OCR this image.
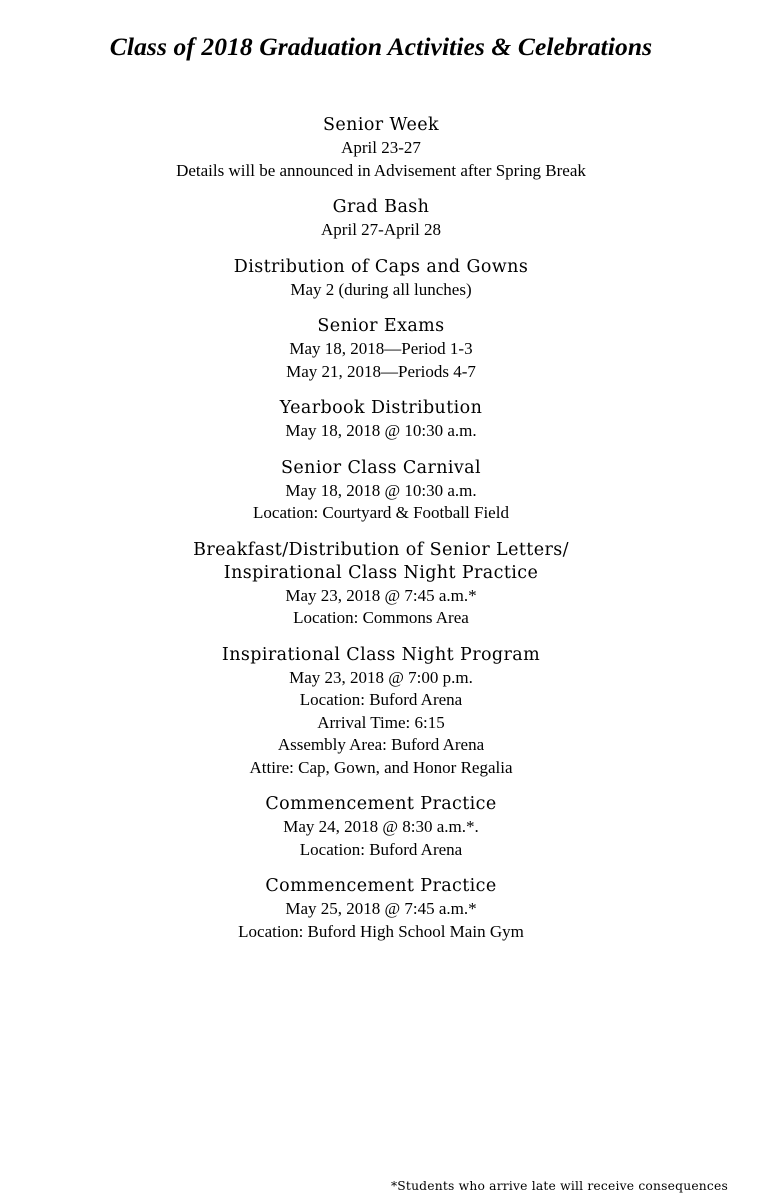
Class of 2018 Graduation Activities & Celebrations
Senior Week
April 23-27
Details will be announced in Advisement after Spring Break
Grad Bash
April 27-April 28
Distribution of Caps and Gowns
May 2 (during all lunches)
Senior Exams
May 18, 2018—Period 1-3
May 21, 2018—Periods 4-7
Yearbook Distribution
May 18, 2018 @ 10:30 a.m.
Senior Class Carnival
May 18, 2018 @ 10:30 a.m.
Location: Courtyard & Football Field
Breakfast/Distribution of Senior Letters/
Inspirational Class Night Practice
May 23, 2018 @ 7:45 a.m.*
Location: Commons Area
Inspirational Class Night Program
May 23, 2018 @ 7:00 p.m.
Location: Buford Arena
Arrival Time: 6:15
Assembly Area: Buford Arena
Attire: Cap, Gown, and Honor Regalia
Commencement Practice
May 24, 2018 @ 8:30 a.m.*.
Location: Buford Arena
Commencement Practice
May 25, 2018 @ 7:45 a.m.*
Location: Buford High School Main Gym
*Students who arrive late will receive consequences
